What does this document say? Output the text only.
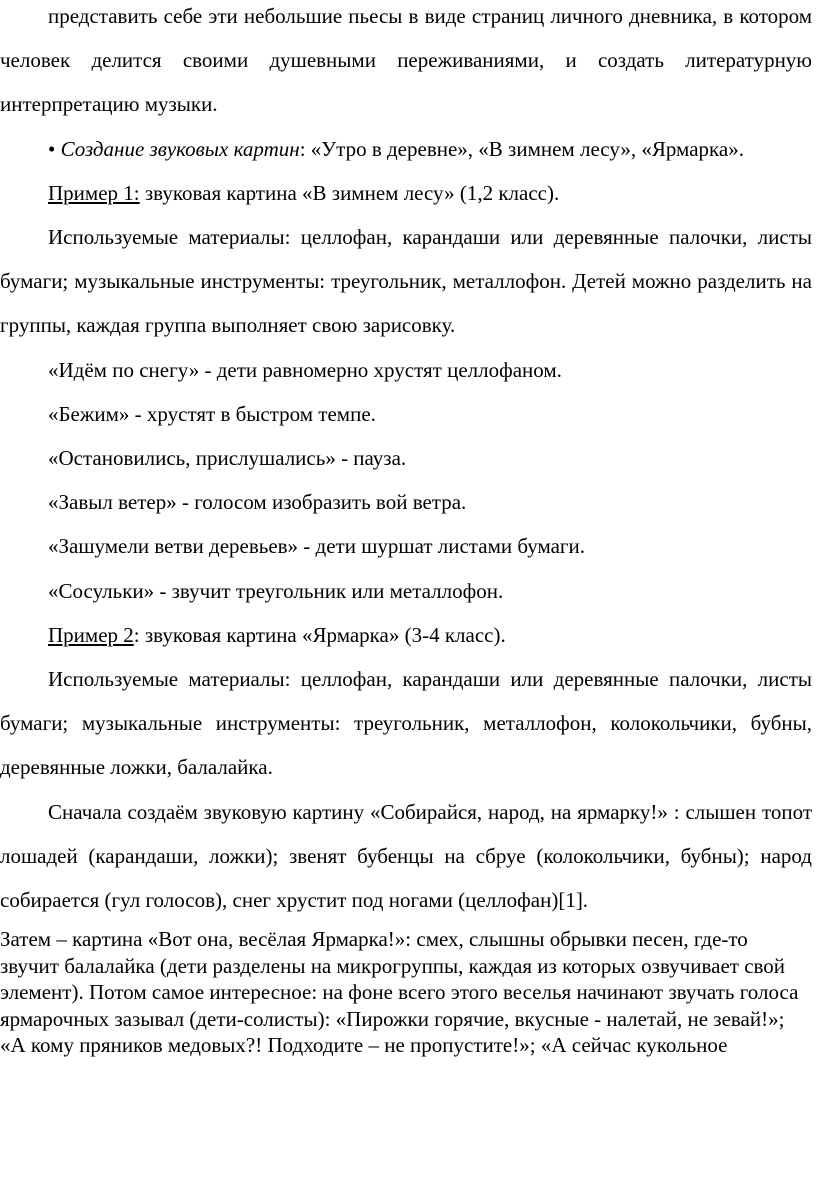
представить себе эти небольшие пьесы в виде страниц личного дневника, в котором человек делится своими душевными переживаниями, и создать литературную интерпретацию музыки.

• Создание звуковых картин: «Утро в деревне», «В зимнем лесу», «Ярмарка».

Пример 1: звуковая картина «В зимнем лесу» (1,2 класс).

Используемые материалы: целлофан, карандаши или деревянные палочки, листы бумаги; музыкальные инструменты: треугольник, металлофон. Детей можно разделить на группы, каждая группа выполняет свою зарисовку.

«Идём по снегу» - дети равномерно хрустят целлофаном.

«Бежим» - хрустят в быстром темпе.

«Остановились, прислушались» - пауза.

«Завыл ветер» - голосом изобразить вой ветра.

«Зашумели ветви деревьев» - дети шуршат листами бумаги.

«Сосульки» - звучит треугольник или металлофон.

Пример 2: звуковая картина «Ярмарка» (3-4 класс).

Используемые материалы: целлофан, карандаши или деревянные палочки, листы бумаги; музыкальные инструменты: треугольник, металлофон, колокольчики, бубны, деревянные ложки, балалайка.

Сначала создаём звуковую картину «Собирайся, народ, на ярмарку!» : слышен топот лошадей (карандаши, ложки); звенят бубенцы на сбруе (колокольчики, бубны); народ собирается (гул голосов), снег хрустит под ногами (целлофан)[1].

Затем – картина «Вот она, весёлая Ярмарка!»: смех, слышны обрывки песен, где-то звучит балалайка (дети разделены на микрогруппы, каждая из которых озвучивает свой элемент). Потом самое интересное: на фоне всего этого веселья начинают звучать голоса ярмарочных зазывал (дети-солисты): «Пирожки горячие, вкусные - налетай, не зевай!»; «А кому пряников медовых?! Подходите – не пропустите!»; «А сейчас кукольное
